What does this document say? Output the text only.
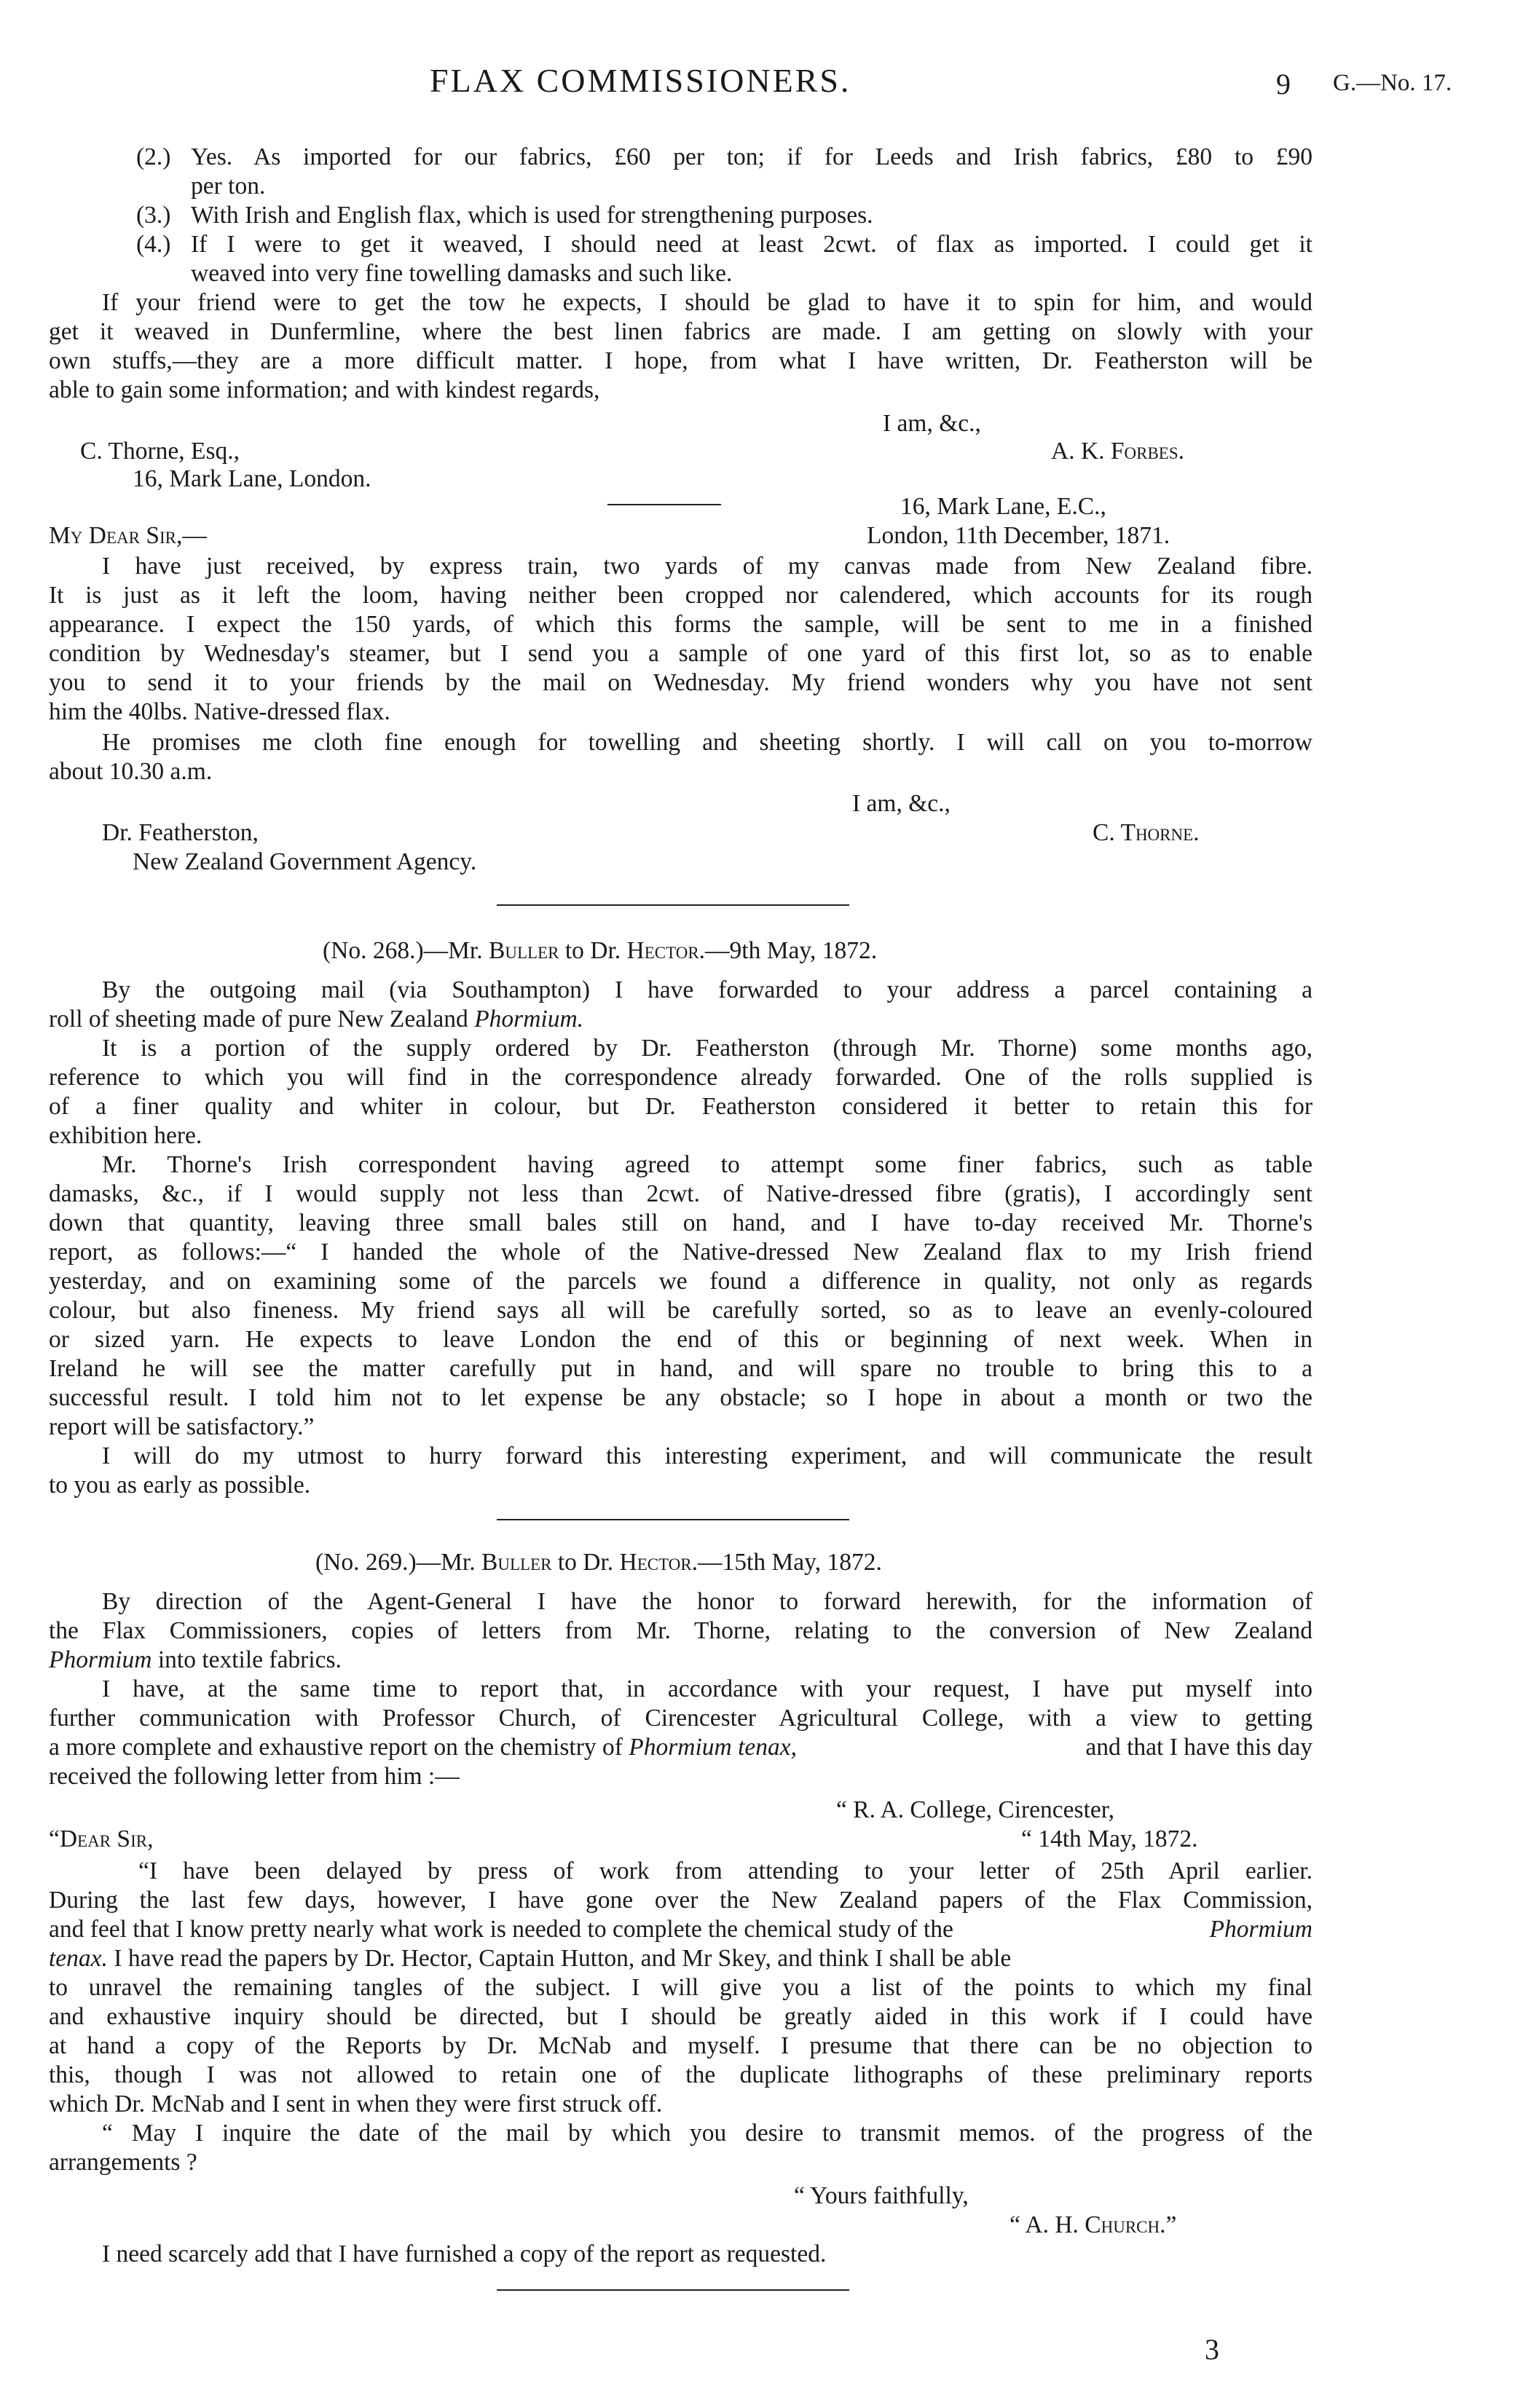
FLAX COMMISSIONERS.	9 G.—No. 17.
(2.) Yes. As imported for our fabrics, £60 per ton; if for Leeds and Irish fabrics, £80 to £90
per ton.
(3.) With Irish and English flax, which is used for strengthening purposes.
(4.) If I were to get it weaved, I should need at least 2cwt. of flax as imported. I could get it
weaved into very fine towelling damasks and such like.
If your friend were to get the tow he expects, I should be glad to have it to spin for him, and would
get it weaved in Dunfermline, where the best linen fabrics are made. I am getting on slowly with your
own stuffs,—they are a more difficult matter. I hope, from what I have written, Dr. Featherston will be
able to gain some information; and with kindest regards,
I am, &c.,
C. Thorne, Esq.,	A. K. Forbes.
16, Mark Lane, London.
16, Mark Lane, E.C.,
My Dear Sir,—	London, 11th December, 1871.
I have just received, by express train, two yards of my canvas made from New Zealand fibre.
It is just as it left the loom, having neither been cropped nor calendered, which accounts for its rough
appearance. I expect the 150 yards, of which this forms the sample, will be sent to me in a finished
condition by Wednesday's steamer, but I send you a sample of one yard of this first lot, so as to enable
you to send it to your friends by the mail on Wednesday. My friend wonders why you have not sent
him the 40lbs. Native-dressed flax.
He promises me cloth fine enough for towelling and sheeting shortly. I will call on you to-morrow
about 10.30 a.m.
I am, &c.,
Dr. Featherston,	C. Thorne.
New Zealand Government Agency.
(No. 268.)—Mr. Buller to Dr. Hector.—9th May, 1872.
By the outgoing mail (via Southampton) I have forwarded to your address a parcel containing a
roll of sheeting made of pure New Zealand Phormium.
It is a portion of the supply ordered by Dr. Featherston (through Mr. Thorne) some months ago,
reference to which you will find in the correspondence already forwarded. One of the rolls supplied is
of a finer quality and whiter in colour, but Dr. Featherston considered it better to retain this for
exhibition here.
Mr. Thorne's Irish correspondent having agreed to attempt some finer fabrics, such as table
damasks, &c., if I would supply not less than 2cwt. of Native-dressed fibre (gratis), I accordingly sent
down that quantity, leaving three small bales still on hand, and I have to-day received Mr. Thorne's
report, as follows:—“ I handed the whole of the Native-dressed New Zealand flax to my Irish friend
yesterday, and on examining some of the parcels we found a difference in quality, not only as regards
colour, but also fineness. My friend says all will be carefully sorted, so as to leave an evenly-coloured
or sized yarn. He expects to leave London the end of this or beginning of next week. When in
Ireland he will see the matter carefully put in hand, and will spare no trouble to bring this to a
successful result. I told him not to let expense be any obstacle; so I hope in about a month or two the
report will be satisfactory.”
I will do my utmost to hurry forward this interesting experiment, and will communicate the result
to you as early as possible.
(No. 269.)—Mr. Buller to Dr. Hector.—15th May, 1872.
By direction of the Agent-General I have the honor to forward herewith, for the information of
the Flax Commissioners, copies of letters from Mr. Thorne, relating to the conversion of New Zealand
Phormium into textile fabrics.
I have, at the same time to report that, in accordance with your request, I have put myself into
further communication with Professor Church, of Cirencester Agricultural College, with a view to getting
a more complete and exhaustive report on the chemistry of Phormium tenax,	and that I have this day
received the following letter from him :—
“ R. A. College, Cirencester,
“Dear Sir,	“ 14th May, 1872.
“I have been delayed by press of work from attending to your letter of 25th April earlier.
During the last few days, however, I have gone over the New Zealand papers of the Flax Commission,
and feel that I know pretty nearly what work is needed to complete the chemical study of the	Phormium
tenax. I have read the papers by Dr. Hector, Captain Hutton, and Mr Skey, and think I shall be able
to unravel the remaining tangles of the subject. I will give you a list of the points to which my final
and exhaustive inquiry should be directed, but I should be greatly aided in this work if I could have
at hand a copy of the Reports by Dr. McNab and myself. I presume that there can be no objection to
this, though I was not allowed to retain one of the duplicate lithographs of these preliminary reports
which Dr. McNab and I sent in when they were first struck off.
“ May I inquire the date of the mail by which you desire to transmit memos. of the progress of the
arrangements ?
“ Yours faithfully,
“ A. H. Church.”
I need scarcely add that I have furnished a copy of the report as requested.
3
